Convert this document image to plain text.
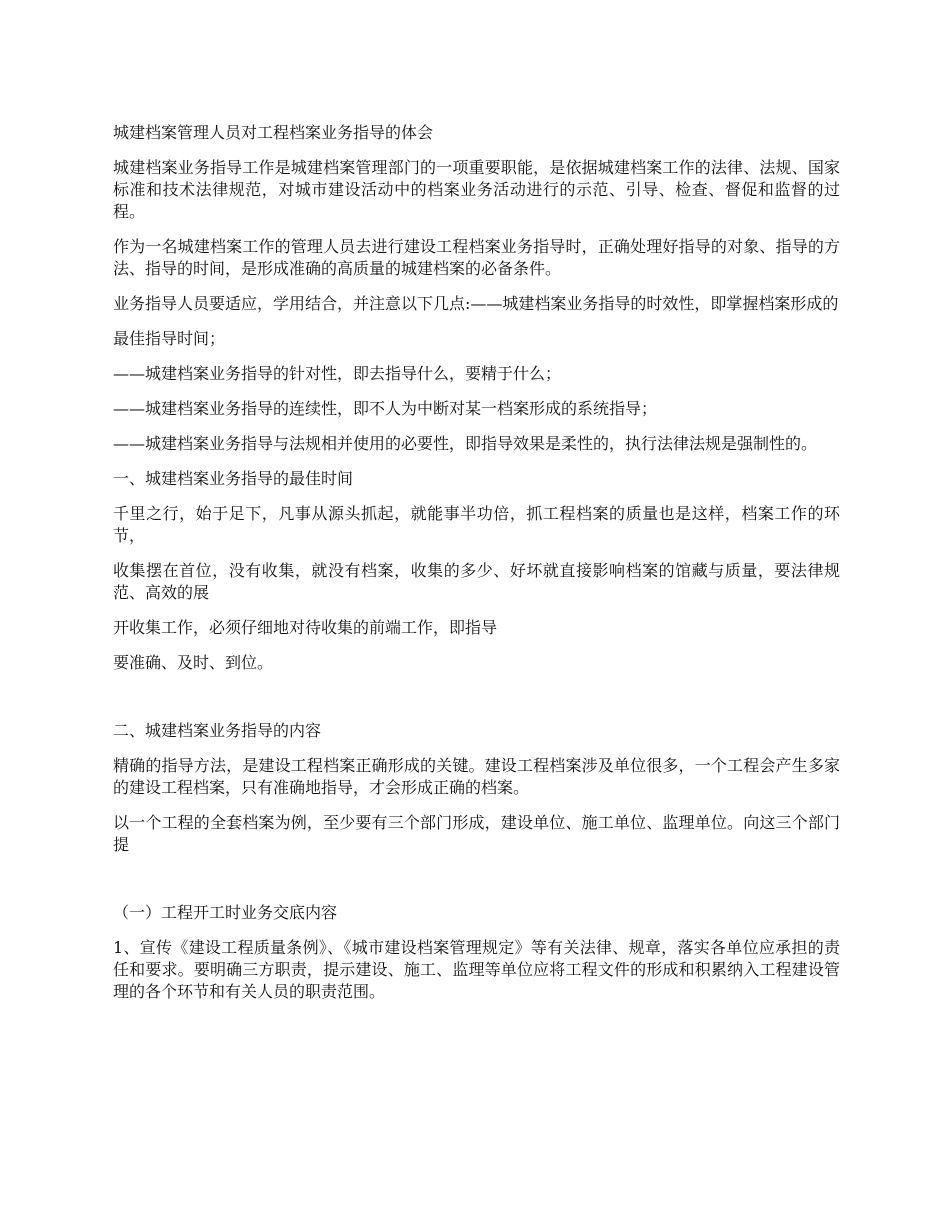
城建档案管理人员对工程档案业务指导的体会

城建档案业务指导工作是城建档案管理部门的一项重要职能，是依据城建档案工作的法律、法规、国家标准和技术法律规范，对城市建设活动中的档案业务活动进行的示范、引导、检查、督促和监督的过程。

作为一名城建档案工作的管理人员去进行建设工程档案业务指导时，正确处理好指导的对象、指导的方法、指导的时间，是形成准确的高质量的城建档案的必备条件。

业务指导人员要适应，学用结合，并注意以下几点:——城建档案业务指导的时效性，即掌握档案形成的

最佳指导时间；

——城建档案业务指导的针对性，即去指导什么，要精于什么；

——城建档案业务指导的连续性，即不人为中断对某一档案形成的系统指导；

——城建档案业务指导与法规相并使用的必要性，即指导效果是柔性的，执行法律法规是强制性的。

一、城建档案业务指导的最佳时间

千里之行，始于足下，凡事从源头抓起，就能事半功倍，抓工程档案的质量也是这样，档案工作的环节，

收集摆在首位，没有收集，就没有档案，收集的多少、好坏就直接影响档案的馆藏与质量，要法律规范、高效的展

开收集工作，必须仔细地对待收集的前端工作，即指导

要准确、及时、到位。

二、城建档案业务指导的内容

精确的指导方法，是建设工程档案正确形成的关键。建设工程档案涉及单位很多，一个工程会产生多家的建设工程档案，只有准确地指导，才会形成正确的档案。

以一个工程的全套档案为例，至少要有三个部门形成，建设单位、施工单位、监理单位。向这三个部门提

（一）工程开工时业务交底内容

1、宣传《建设工程质量条例》、《城市建设档案管理规定》等有关法律、规章，落实各单位应承担的责任和要求。要明确三方职责，提示建设、施工、监理等单位应将工程文件的形成和积累纳入工程建设管理的各个环节和有关人员的职责范围。
